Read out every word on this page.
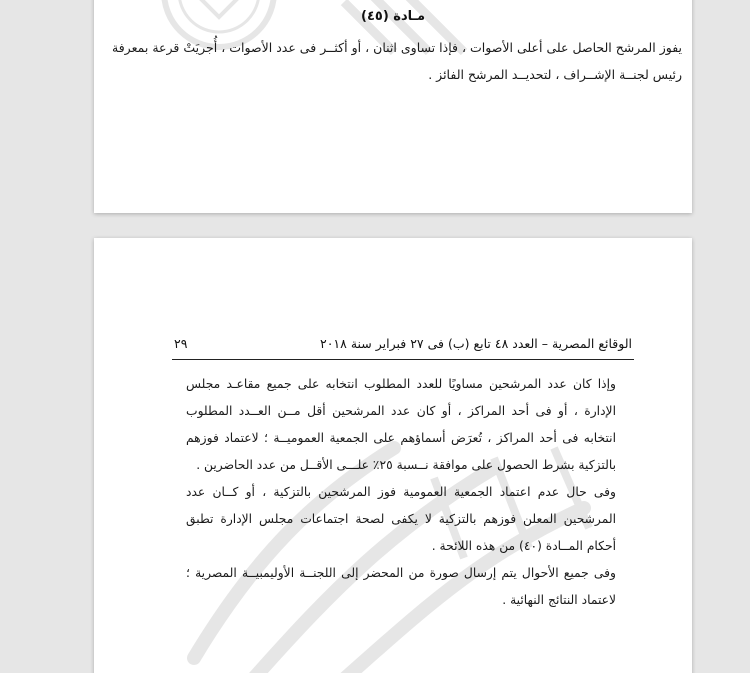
مـادة (٤٥)
يفوز المرشح الحاصل على أعلى الأصوات ، فإذا تساوى اثنان ، أو أكثــر فى عدد الأصوات ، أُجريَتْ قرعة بمعرفة رئيس لجنــة الإشــراف ، لتحديــد المرشح الفائز .
٢٩	الوقائع المصرية – العدد ٤٨ تابع (ب) فى ٢٧ فبراير سنة ٢٠١٨

وإذا كان عدد المرشحين مساويًا للعدد المطلوب انتخابه على جميع مقاعـد مجلس الإدارة ، أو فى أحد المراكز ، أو كان عدد المرشحين أقل مــن العــدد المطلوب انتخابه فى أحد المراكز ، تُعرَض أسماؤهم على الجمعية العموميــة ؛ لاعتماد فوزهم بالتزكية بشرط الحصول على موافقة نــسبة ٢٥٪ علـــى الأقــل من عدد الحاضرين .

وفى حال عدم اعتماد الجمعية العمومية فوز المرشحين بالتزكية ، أو كــان عدد المرشحين المعلن فوزهم بالتزكية لا يكفى لصحة اجتماعات مجلس الإدارة تطبق أحكام المــادة (٤٠) من هذه اللائحة .

وفى جميع الأحوال يتم إرسال صورة من المحضر إلى اللجنــة الأوليمبيــة المصرية ؛ لاعتماد النتائج النهائية .
